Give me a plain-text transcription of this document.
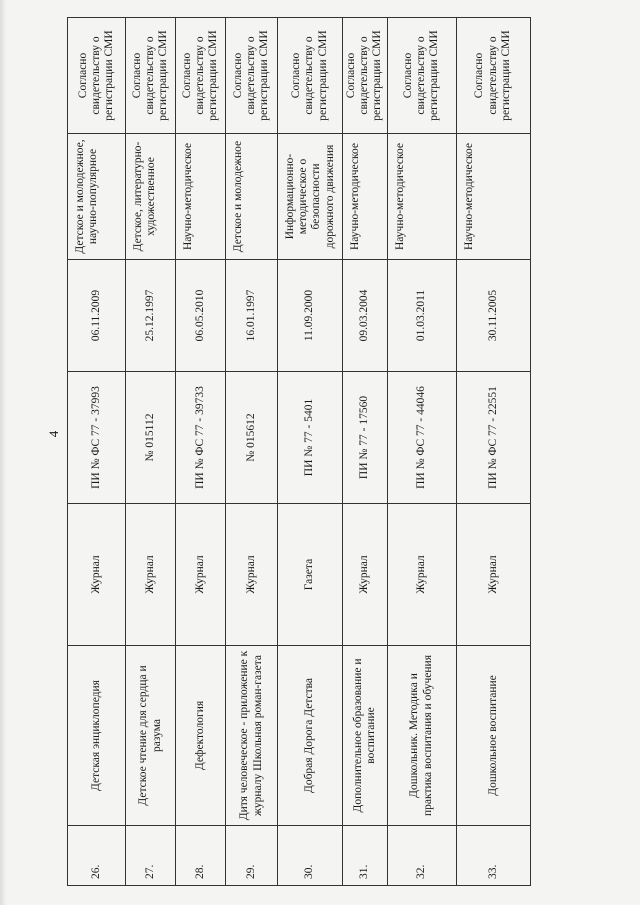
4
26.	Детская энциклопедия	Журнал	ПИ № ФС 77 - 37993	06.11.2009	Детское и молодежное, научно-популярное	Согласно свидетельству о регистрации СМИ
27.	Детское чтение для сердца и разума	Журнал	№ 015112	25.12.1997	Детское, литературно-художественное	Согласно свидетельству о регистрации СМИ
28.	Дефектология	Журнал	ПИ № ФС 77 - 39733	06.05.2010	Научно-методическое	Согласно свидетельству о регистрации СМИ
29.	Дитя человеческое - приложение к журналу Школьная роман-газета	Журнал	№ 015612	16.01.1997	Детское и молодежное	Согласно свидетельству о регистрации СМИ
30.	Добрая Дорога Детства	Газета	ПИ № 77 - 5401	11.09.2000	Информационно-методическое о безопасности дорожного движения	Согласно свидетельству о регистрации СМИ
31.	Дополнительное образование и воспитание	Журнал	ПИ № 77 - 17560	09.03.2004	Научно-методическое	Согласно свидетельству о регистрации СМИ
32.	Дошкольник. Методика и практика воспитания и обучения	Журнал	ПИ № ФС 77 - 44046	01.03.2011	Научно-методическое	Согласно свидетельству о регистрации СМИ
33.	Дошкольное воспитание	Журнал	ПИ № ФС 77 - 22551	30.11.2005	Научно-методическое	Согласно свидетельству о регистрации СМИ
